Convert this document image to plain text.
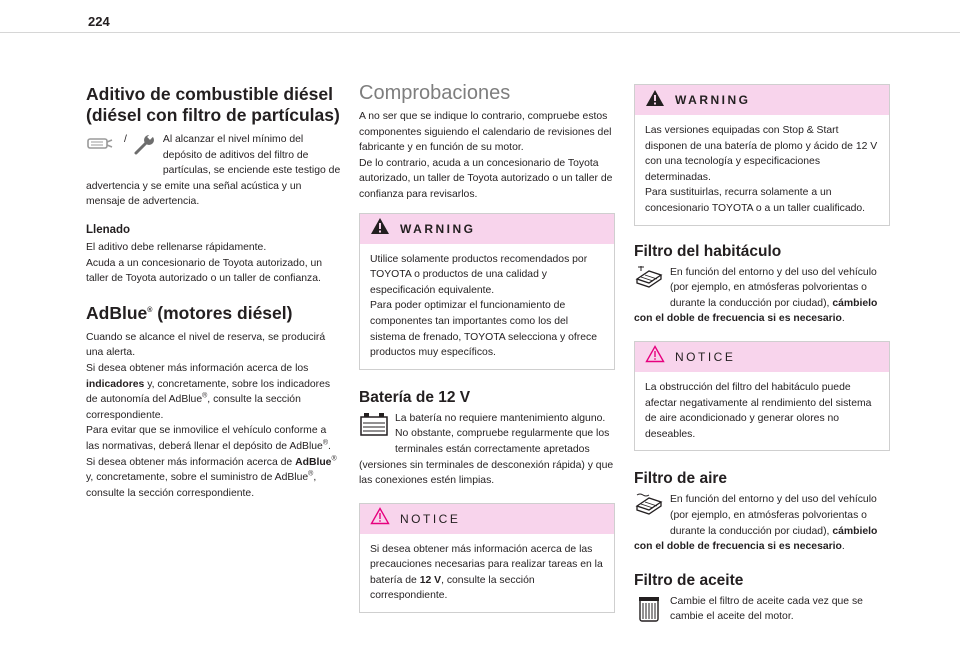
224
Aditivo de combustible diésel
(diésel con filtro de partículas)

/	Al alcanzar el nivel mínimo del depósito de aditivos del filtro de partículas, se enciende este testigo de advertencia y se emite una señal acústica y un mensaje de advertencia.

Llenado

El aditivo debe rellenarse rápidamente.

Acuda a un concesionario de Toyota autorizado, un taller de Toyota autorizado o un taller de confianza.

AdBlue® (motores diésel)

Cuando se alcance el nivel de reserva, se producirá una alerta.

Si desea obtener más información acerca de los indicadores y, concretamente, sobre los indicadores de autonomía del AdBlue®, consulte la sección correspondiente.

Para evitar que se inmovilice el vehículo conforme a las normativas, deberá llenar el depósito de AdBlue®.

Si desea obtener más información acerca de AdBlue® y, concretamente, sobre el suministro de AdBlue®, consulte la sección correspondiente.

Comprobaciones

A no ser que se indique lo contrario, compruebe estos componentes siguiendo el calendario de revisiones del fabricante y en función de su motor.

De lo contrario, acuda a un concesionario de Toyota autorizado, un taller de Toyota autorizado o un taller de confianza para revisarlos.

WARNING

Utilice solamente productos recomendados por TOYOTA o productos de una calidad y especificación equivalente.

Para poder optimizar el funcionamiento de componentes tan importantes como los del sistema de frenado, TOYOTA selecciona y ofrece productos muy específicos.

Batería de 12 V

La batería no requiere mantenimiento alguno. No obstante, compruebe regularmente que los terminales están correctamente apretados (versiones sin terminales de desconexión rápida) y que las conexiones estén limpias.

NOTICE

Si desea obtener más información acerca de las precauciones necesarias para realizar tareas en la batería de 12 V, consulte la sección correspondiente.

WARNING

Las versiones equipadas con Stop & Start disponen de una batería de plomo y ácido de 12 V con una tecnología y especificaciones determinadas.

Para sustituirlas, recurra solamente a un concesionario TOYOTA o a un taller cualificado.

Filtro del habitáculo

En función del entorno y del uso del vehículo (por ejemplo, en atmósferas polvorientas o durante la conducción por ciudad), cámbielo con el doble de frecuencia si es necesario.

NOTICE

La obstrucción del filtro del habitáculo puede afectar negativamente al rendimiento del sistema de aire acondicionado y generar olores no deseables.

Filtro de aire

En función del entorno y del uso del vehículo (por ejemplo, en atmósferas polvorientas o durante la conducción por ciudad), cámbielo con el doble de frecuencia si es necesario.

Filtro de aceite

Cambie el filtro de aceite cada vez que se cambie el aceite del motor.
